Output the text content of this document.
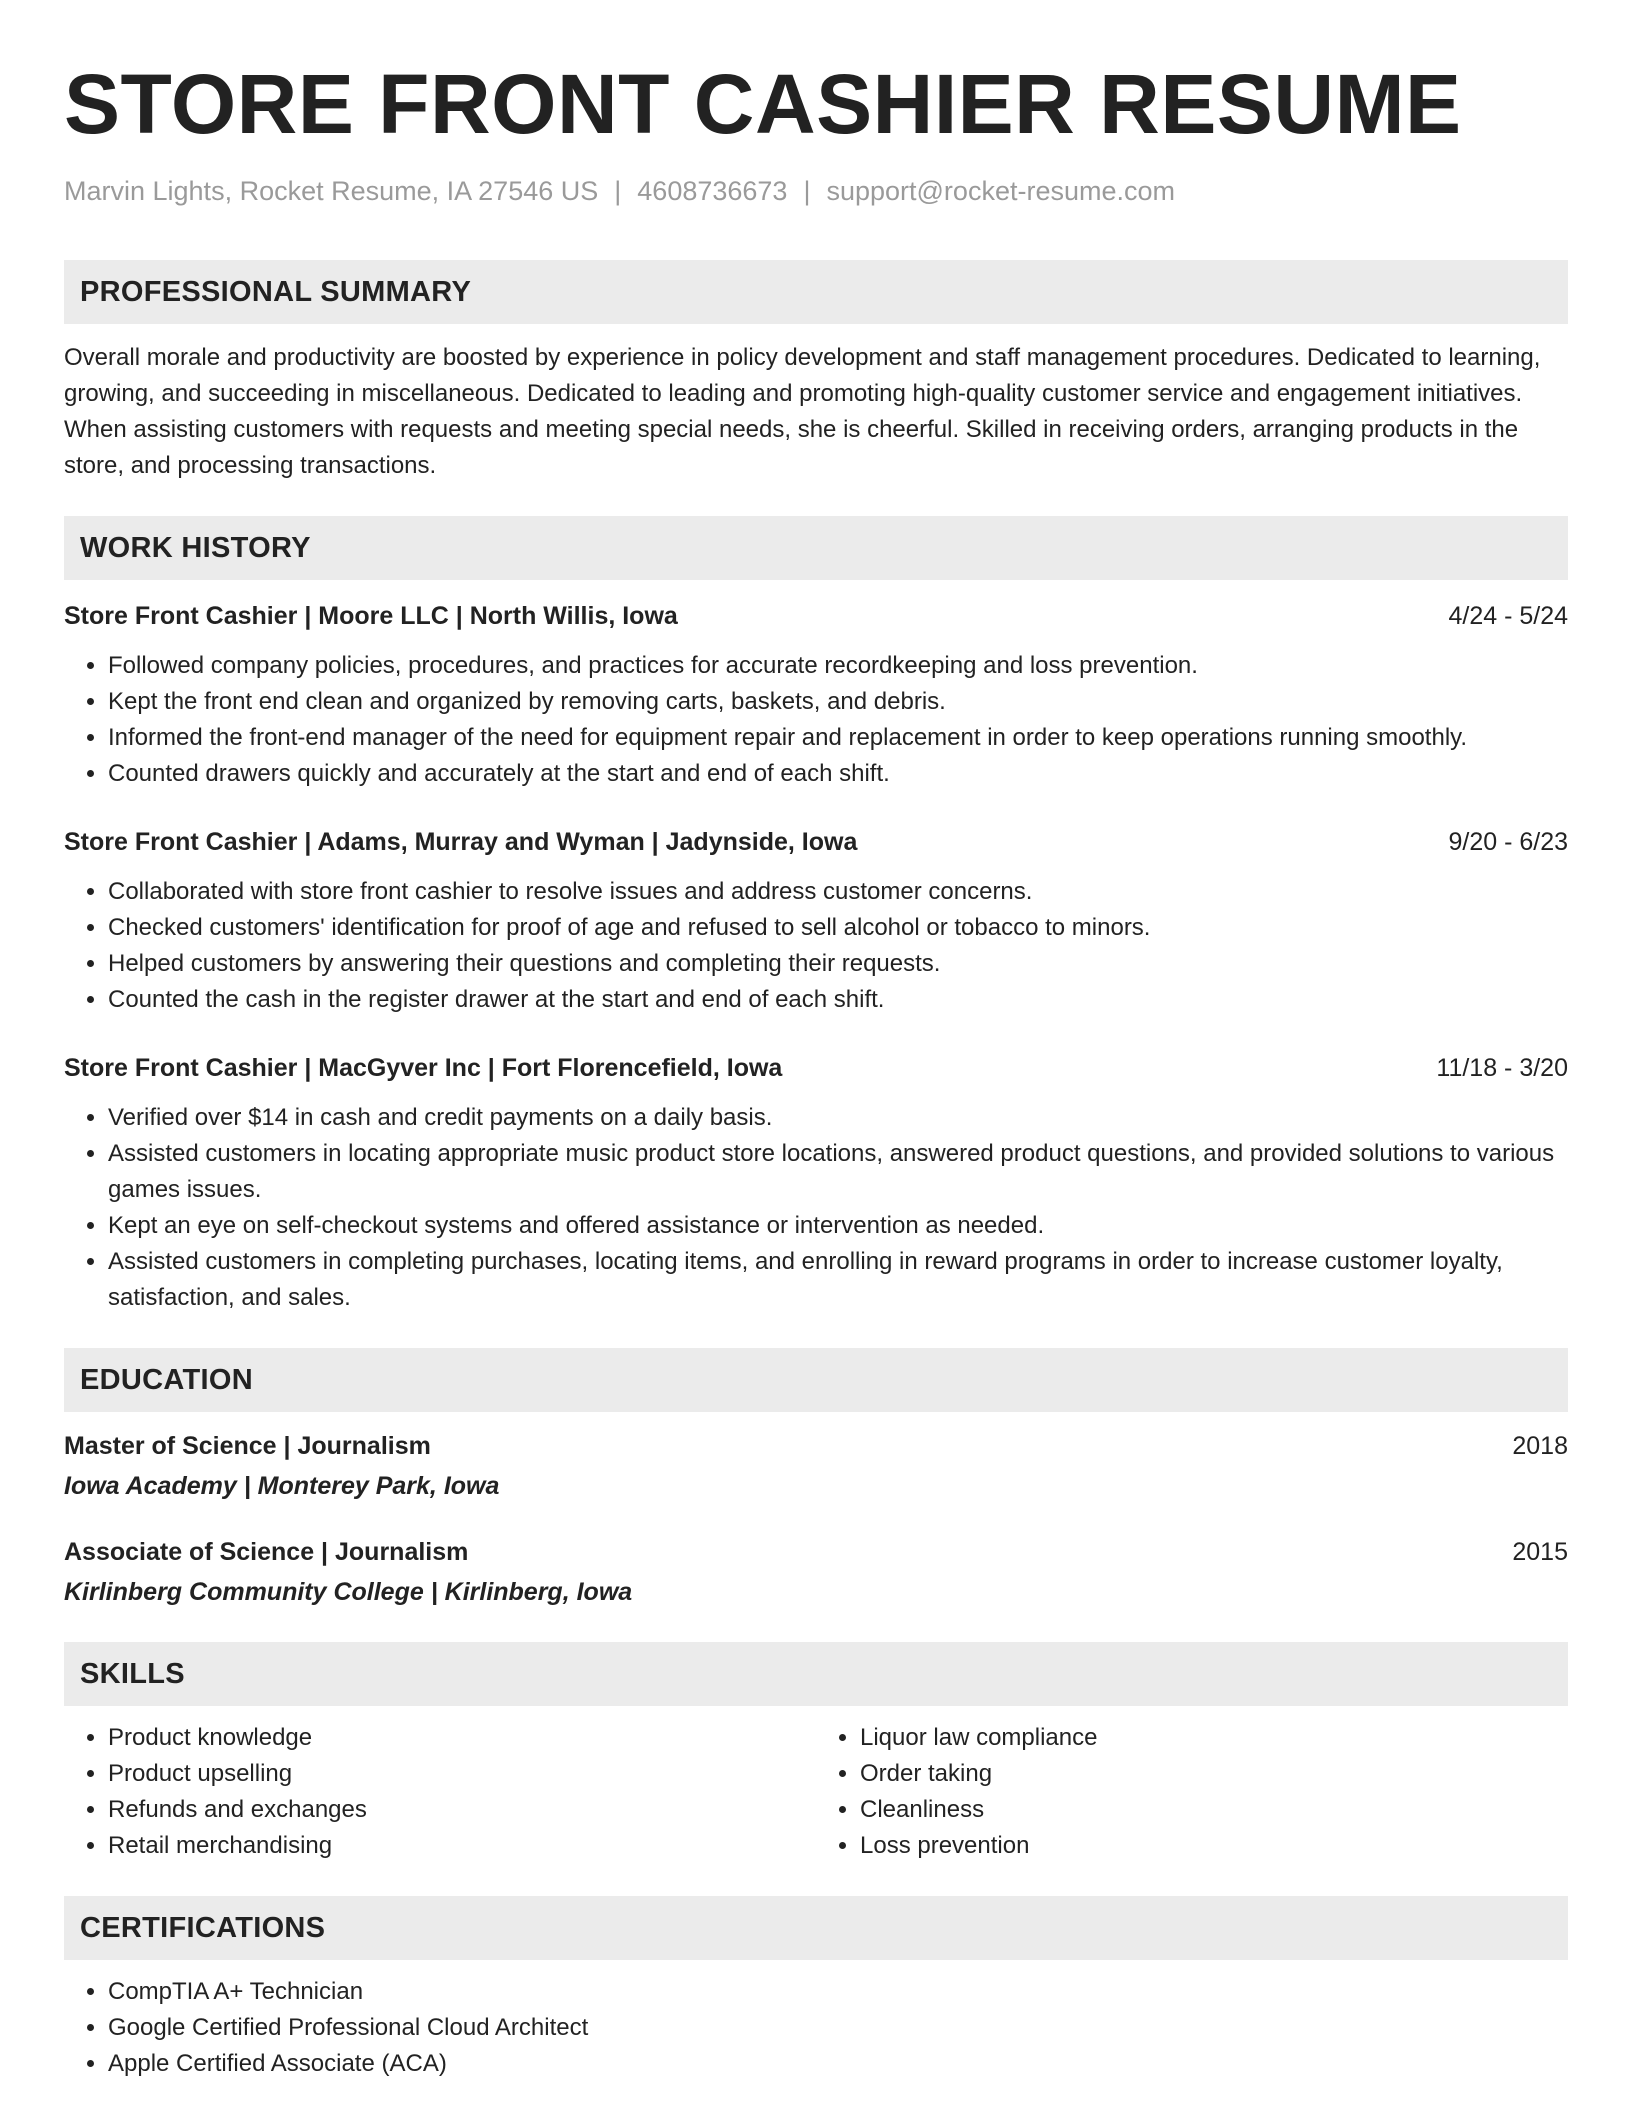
STORE FRONT CASHIER RESUME
Marvin Lights, Rocket Resume, IA 27546 US | 4608736673 | support@rocket-resume.com
PROFESSIONAL SUMMARY
Overall morale and productivity are boosted by experience in policy development and staff management procedures. Dedicated to learning, growing, and succeeding in miscellaneous. Dedicated to leading and promoting high-quality customer service and engagement initiatives. When assisting customers with requests and meeting special needs, she is cheerful. Skilled in receiving orders, arranging products in the store, and processing transactions.
WORK HISTORY
Store Front Cashier | Moore LLC | North Willis, Iowa	4/24 - 5/24
• Followed company policies, procedures, and practices for accurate recordkeeping and loss prevention.
• Kept the front end clean and organized by removing carts, baskets, and debris.
• Informed the front-end manager of the need for equipment repair and replacement in order to keep operations running smoothly.
• Counted drawers quickly and accurately at the start and end of each shift.
Store Front Cashier | Adams, Murray and Wyman | Jadynside, Iowa	9/20 - 6/23
• Collaborated with store front cashier to resolve issues and address customer concerns.
• Checked customers' identification for proof of age and refused to sell alcohol or tobacco to minors.
• Helped customers by answering their questions and completing their requests.
• Counted the cash in the register drawer at the start and end of each shift.
Store Front Cashier | MacGyver Inc | Fort Florencefield, Iowa	11/18 - 3/20
• Verified over $14 in cash and credit payments on a daily basis.
• Assisted customers in locating appropriate music product store locations, answered product questions, and provided solutions to various games issues.
• Kept an eye on self-checkout systems and offered assistance or intervention as needed.
• Assisted customers in completing purchases, locating items, and enrolling in reward programs in order to increase customer loyalty, satisfaction, and sales.
EDUCATION
Master of Science | Journalism	2018
Iowa Academy | Monterey Park, Iowa
Associate of Science | Journalism	2015
Kirlinberg Community College | Kirlinberg, Iowa
SKILLS
• Product knowledge
• Product upselling
• Refunds and exchanges
• Retail merchandising
• Liquor law compliance
• Order taking
• Cleanliness
• Loss prevention
CERTIFICATIONS
• CompTIA A+ Technician
• Google Certified Professional Cloud Architect
• Apple Certified Associate (ACA)
